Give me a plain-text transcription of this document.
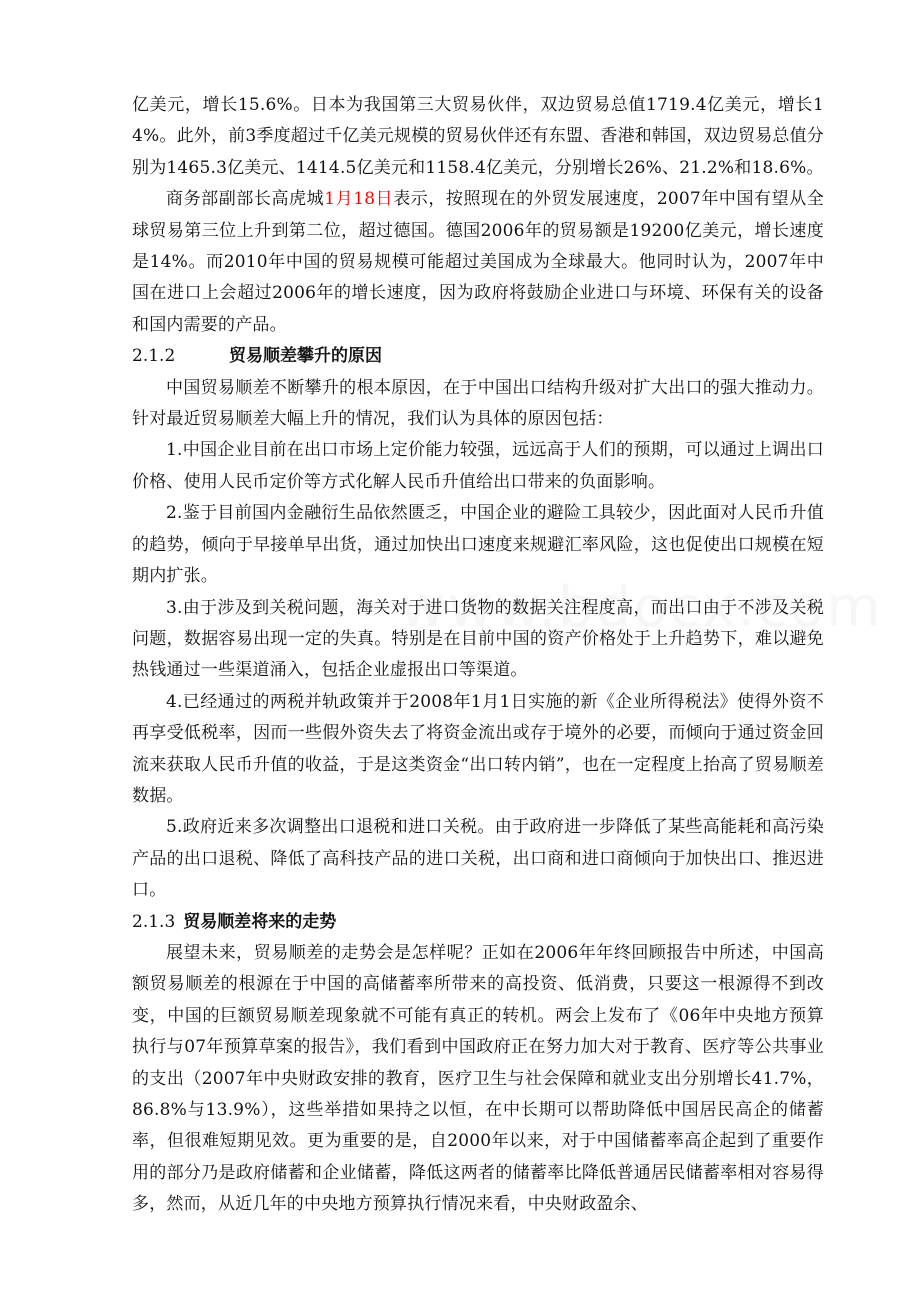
亿美元，增长15.6%。日本为我国第三大贸易伙伴，双边贸易总值1719.4亿美元，增长14%。此外，前3季度超过千亿美元规模的贸易伙伴还有东盟、香港和韩国，双边贸易总值分别为1465.3亿美元、1414.5亿美元和1158.4亿美元，分别增长26%、21.2%和18.6%。

商务部副部长高虎城1月18日表示，按照现在的外贸发展速度，2007年中国有望从全球贸易第三位上升到第二位，超过德国。德国2006年的贸易额是19200亿美元，增长速度是14%。而2010年中国的贸易规模可能超过美国成为全球最大。他同时认为，2007年中国在进口上会超过2006年的增长速度，因为政府将鼓励企业进口与环境、环保有关的设备和国内需要的产品。

2.1.2	贸易顺差攀升的原因

中国贸易顺差不断攀升的根本原因，在于中国出口结构升级对扩大出口的强大推动力。针对最近贸易顺差大幅上升的情况，我们认为具体的原因包括：

1.中国企业目前在出口市场上定价能力较强，远远高于人们的预期，可以通过上调出口价格、使用人民币定价等方式化解人民币升值给出口带来的负面影响。

2.鉴于目前国内金融衍生品依然匮乏，中国企业的避险工具较少，因此面对人民币升值的趋势，倾向于早接单早出货，通过加快出口速度来规避汇率风险，这也促使出口规模在短期内扩张。

3.由于涉及到关税问题，海关对于进口货物的数据关注程度高，而出口由于不涉及关税问题，数据容易出现一定的失真。特别是在目前中国的资产价格处于上升趋势下，难以避免热钱通过一些渠道涌入，包括企业虚报出口等渠道。

4.已经通过的两税并轨政策并于2008年1月1日实施的新《企业所得税法》使得外资不再享受低税率，因而一些假外资失去了将资金流出或存于境外的必要，而倾向于通过资金回流来获取人民币升值的收益，于是这类资金“出口转内销”，也在一定程度上抬高了贸易顺差数据。

5.政府近来多次调整出口退税和进口关税。由于政府进一步降低了某些高能耗和高污染产品的出口退税、降低了高科技产品的进口关税，出口商和进口商倾向于加快出口、推迟进口。

2.1.3 贸易顺差将来的走势

展望未来，贸易顺差的走势会是怎样呢？正如在2006年年终回顾报告中所述，中国高额贸易顺差的根源在于中国的高储蓄率所带来的高投资、低消费，只要这一根源得不到改变，中国的巨额贸易顺差现象就不可能有真正的转机。两会上发布了《06年中央地方预算执行与07年预算草案的报告》，我们看到中国政府正在努力加大对于教育、医疗等公共事业的支出（2007年中央财政安排的教育，医疗卫生与社会保障和就业支出分别增长41.7%，86.8%与13.9%），这些举措如果持之以恒，在中长期可以帮助降低中国居民高企的储蓄率，但很难短期见效。更为重要的是，自2000年以来，对于中国储蓄率高企起到了重要作用的部分乃是政府储蓄和企业储蓄，降低这两者的储蓄率比降低普通居民储蓄率相对容易得多，然而，从近几年的中央地方预算执行情况来看，中央财政盈余、
